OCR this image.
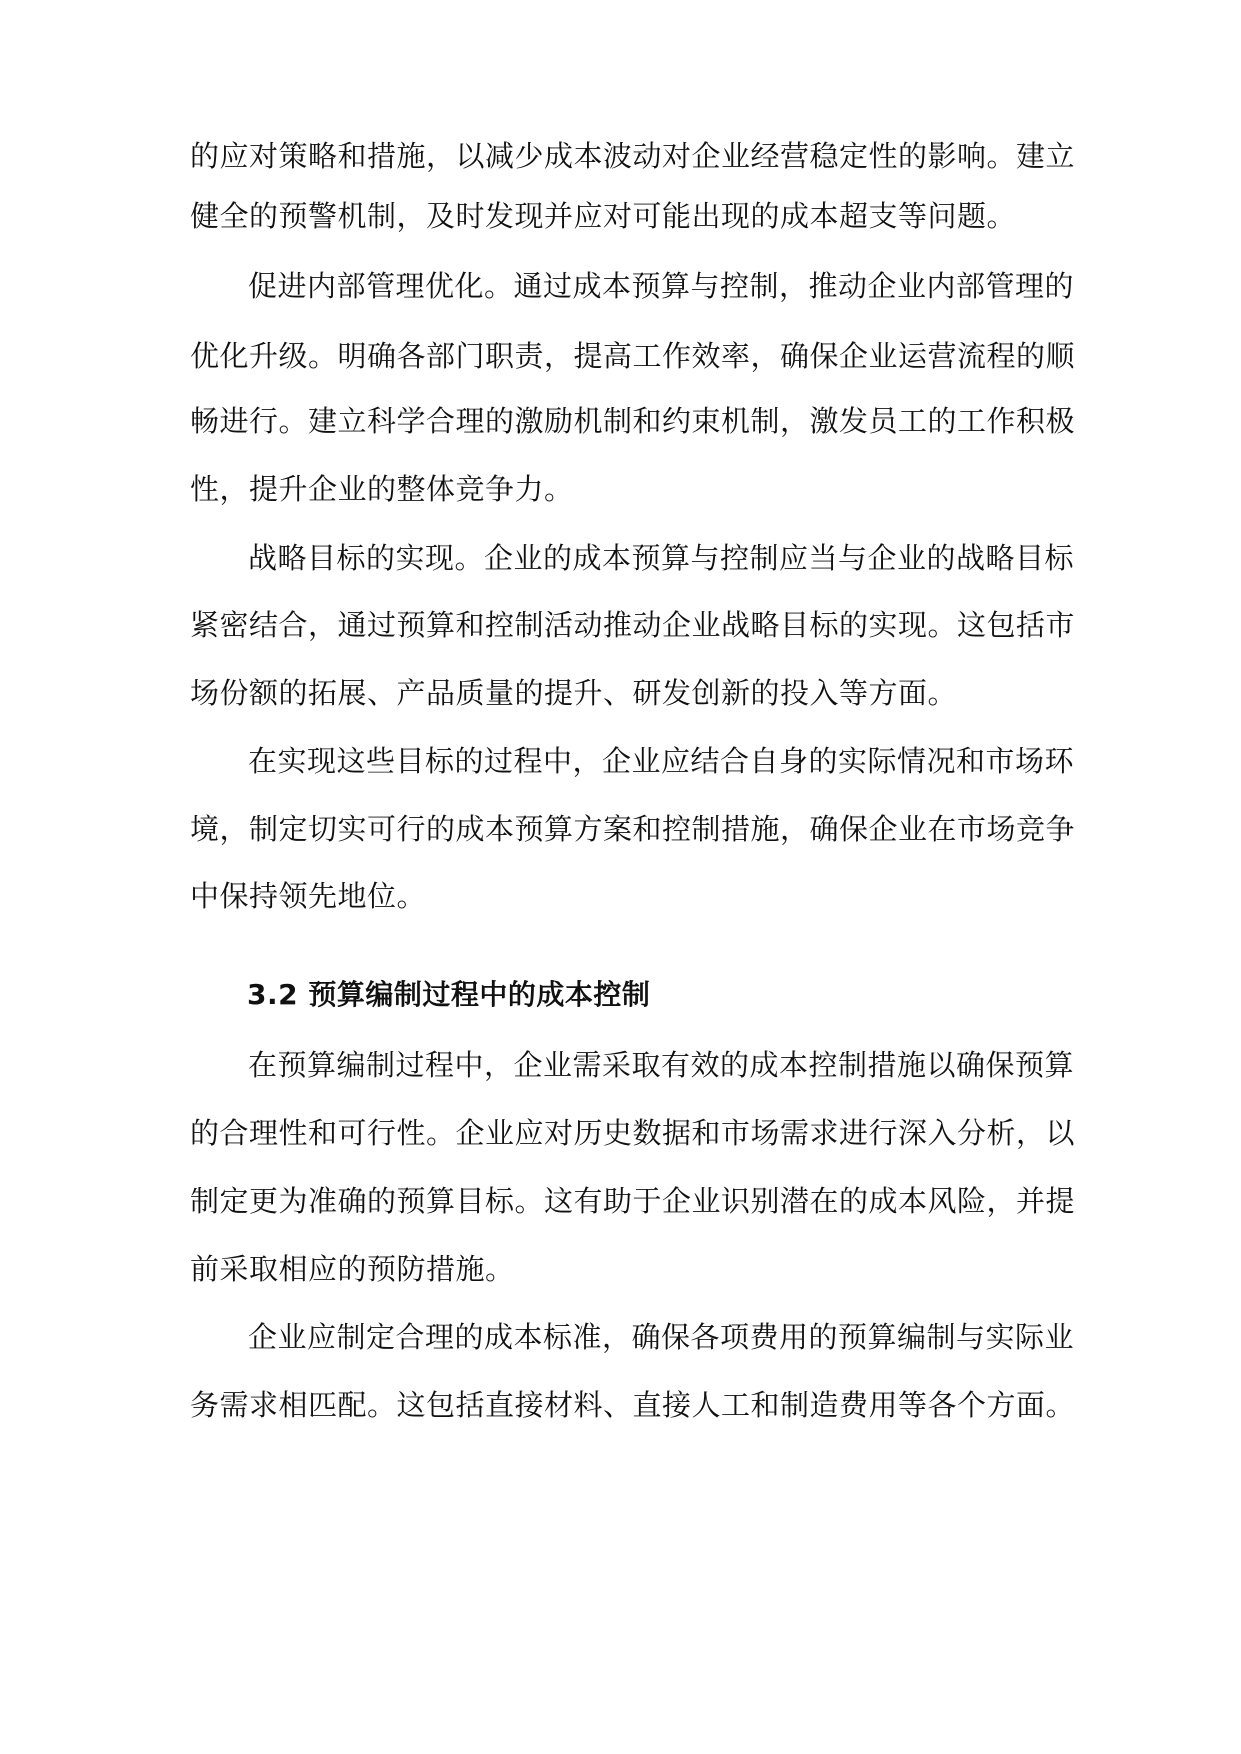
的应对策略和措施，以减少成本波动对企业经营稳定性的影响。建立
健全的预警机制，及时发现并应对可能出现的成本超支等问题。
促进内部管理优化。通过成本预算与控制，推动企业内部管理的
优化升级。明确各部门职责，提高工作效率，确保企业运营流程的顺
畅进行。建立科学合理的激励机制和约束机制，激发员工的工作积极
性，提升企业的整体竞争力。
战略目标的实现。企业的成本预算与控制应当与企业的战略目标
紧密结合，通过预算和控制活动推动企业战略目标的实现。这包括市
场份额的拓展、产品质量的提升、研发创新的投入等方面。
在实现这些目标的过程中，企业应结合自身的实际情况和市场环
境，制定切实可行的成本预算方案和控制措施，确保企业在市场竞争
中保持领先地位。
3.2 预算编制过程中的成本控制
在预算编制过程中，企业需采取有效的成本控制措施以确保预算
的合理性和可行性。企业应对历史数据和市场需求进行深入分析，以
制定更为准确的预算目标。这有助于企业识别潜在的成本风险，并提
前采取相应的预防措施。
企业应制定合理的成本标准，确保各项费用的预算编制与实际业
务需求相匹配。这包括直接材料、直接人工和制造费用等各个方面。
